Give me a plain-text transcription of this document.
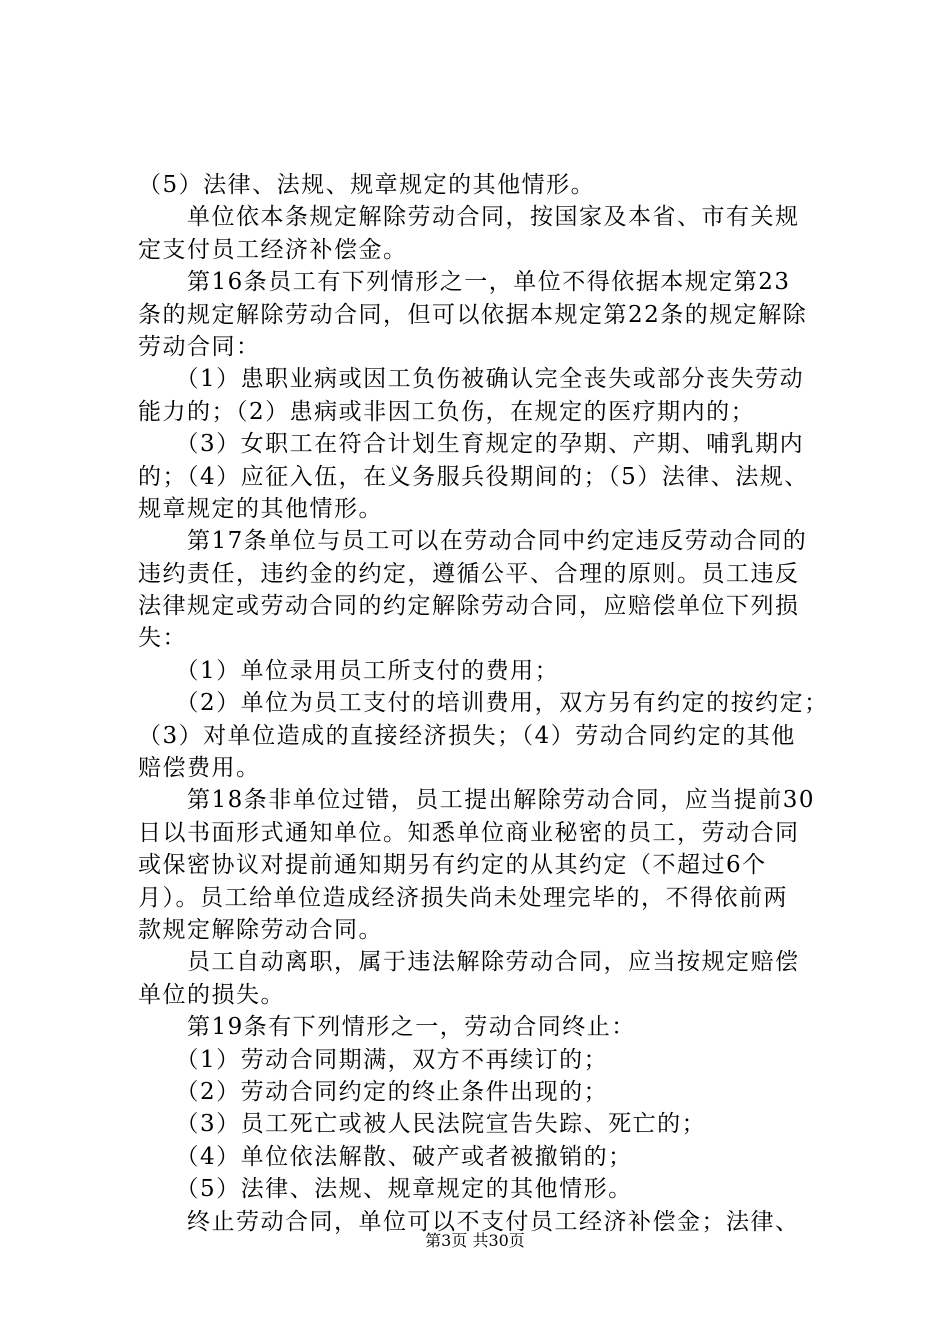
（5）法律、法规、规章规定的其他情形。
　　单位依本条规定解除劳动合同，按国家及本省、市有关规
定支付员工经济补偿金。
　　第16条员工有下列情形之一，单位不得依据本规定第23
条的规定解除劳动合同，但可以依据本规定第22条的规定解除
劳动合同：
　　（1）患职业病或因工负伤被确认完全丧失或部分丧失劳动
能力的；（2）患病或非因工负伤，在规定的医疗期内的；
　　（3）女职工在符合计划生育规定的孕期、产期、哺乳期内
的；（4）应征入伍，在义务服兵役期间的；（5）法律、法规、
规章规定的其他情形。
　　第17条单位与员工可以在劳动合同中约定违反劳动合同的
违约责任，违约金的约定，遵循公平、合理的原则。员工违反
法律规定或劳动合同的约定解除劳动合同，应赔偿单位下列损
失：
　　（1）单位录用员工所支付的费用；
　　（2）单位为员工支付的培训费用，双方另有约定的按约定；
（3）对单位造成的直接经济损失；（4）劳动合同约定的其他
赔偿费用。
　　第18条非单位过错，员工提出解除劳动合同，应当提前30
日以书面形式通知单位。知悉单位商业秘密的员工，劳动合同
或保密协议对提前通知期另有约定的从其约定（不超过6个
月）。员工给单位造成经济损失尚未处理完毕的，不得依前两
款规定解除劳动合同。
　　员工自动离职，属于违法解除劳动合同，应当按规定赔偿
单位的损失。
　　第19条有下列情形之一，劳动合同终止：
　　（1）劳动合同期满，双方不再续订的；
　　（2）劳动合同约定的终止条件出现的；
　　（3）员工死亡或被人民法院宣告失踪、死亡的；
　　（4）单位依法解散、破产或者被撤销的；
　　（5）法律、法规、规章规定的其他情形。
　　终止劳动合同，单位可以不支付员工经济补偿金；法律、
第3页 共30页
